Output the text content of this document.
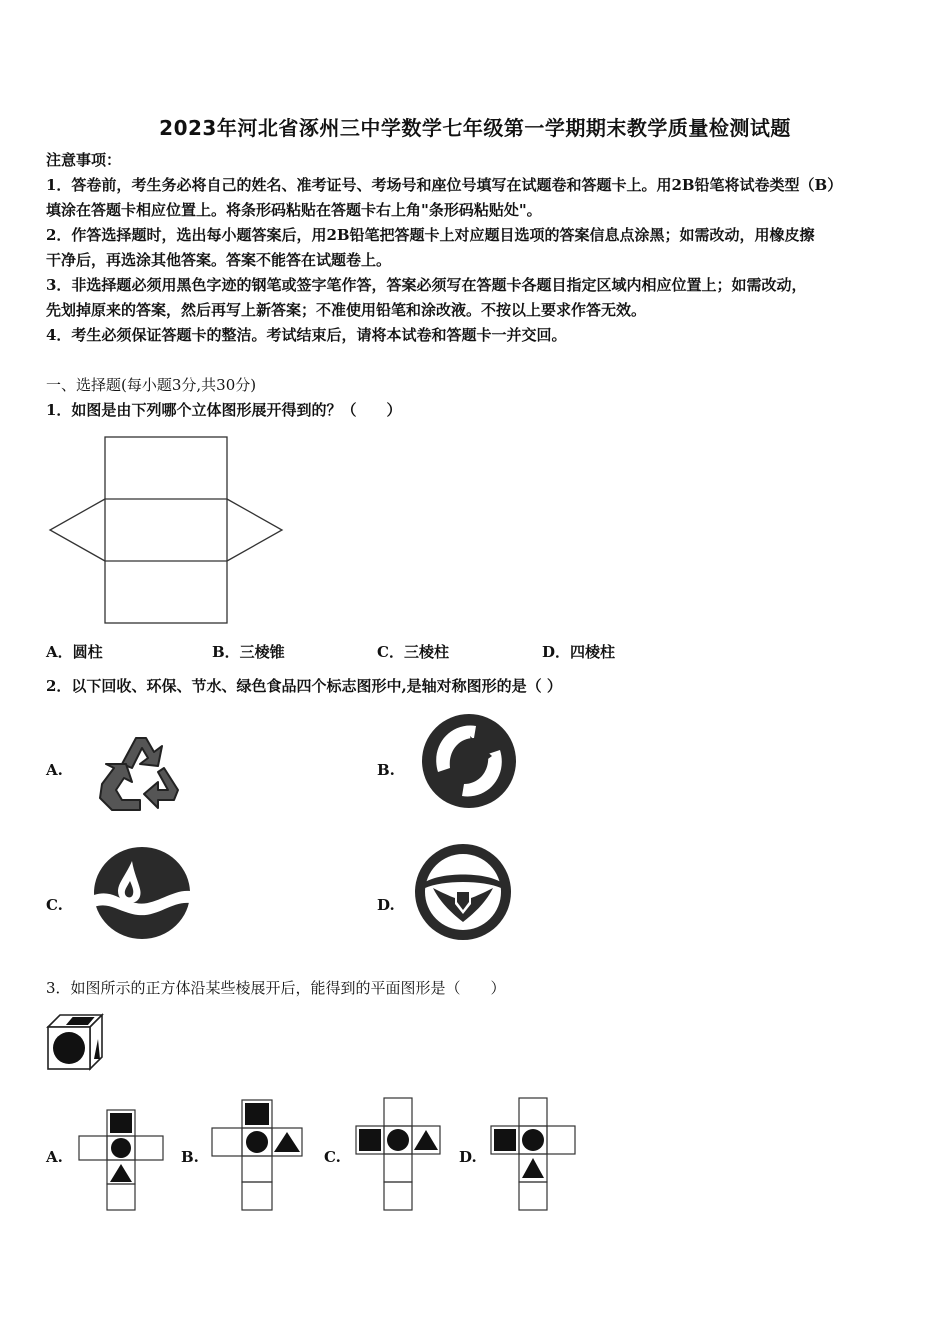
2023年河北省涿州三中学数学七年级第一学期期末教学质量检测试题
注意事项：
1．答卷前，考生务必将自己的姓名、准考证号、考场号和座位号填写在试题卷和答题卡上。用2B铅笔将试卷类型（B）
填涂在答题卡相应位置上。将条形码粘贴在答题卡右上角"条形码粘贴处"。
2．作答选择题时，选出每小题答案后，用2B铅笔把答题卡上对应题目选项的答案信息点涂黑；如需改动，用橡皮擦
干净后，再选涂其他答案。答案不能答在试题卷上。
3．非选择题必须用黑色字迹的钢笔或签字笔作答，答案必须写在答题卡各题目指定区域内相应位置上；如需改动，
先划掉原来的答案，然后再写上新答案；不准使用铅笔和涂改液。不按以上要求作答无效。
4．考生必须保证答题卡的整洁。考试结束后，请将本试卷和答题卡一并交回。
一、选择题(每小题3分,共30分)
1．如图是由下列哪个立体图形展开得到的？（　　）
A．圆柱	B．三棱锥	C．三棱柱	D．四棱柱
2．以下回收、环保、节水、绿色食品四个标志图形中,是轴对称图形的是（ ）
A.	B.
C.	D.
3．如图所示的正方体沿某些棱展开后，能得到的平面图形是（　　）
A.	B.	C.	D.
